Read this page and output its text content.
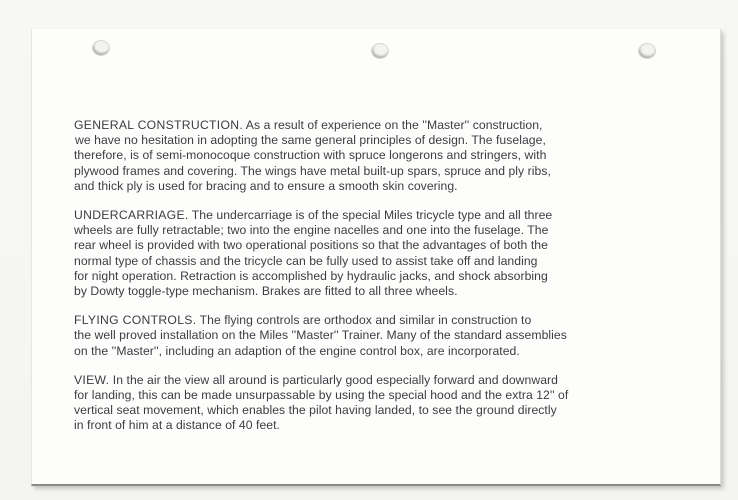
GENERAL CONSTRUCTION. As a result of experience on the ''Master'' construction,
we have no hesitation in adopting the same general principles of design. The fuselage,
therefore, is of semi-monocoque construction with spruce longerons and stringers, with
plywood frames and covering. The wings have metal built-up spars, spruce and ply ribs,
and thick ply is used for bracing and to ensure a smooth skin covering.
UNDERCARRIAGE. The undercarriage is of the special Miles tricycle type and all three
wheels are fully retractable; two into the engine nacelles and one into the fuselage. The
rear wheel is provided with two operational positions so that the advantages of both the
normal type of chassis and the tricycle can be fully used to assist take off and landing
for night operation. Retraction is accomplished by hydraulic jacks, and shock absorbing
by Dowty toggle-type mechanism. Brakes are fitted to all three wheels.
FLYING CONTROLS. The flying controls are orthodox and similar in construction to
the well proved installation on the Miles ''Master'' Trainer. Many of the standard assemblies
on the ''Master'', including an adaption of the engine control box, are incorporated.
VIEW. In the air the view all around is particularly good especially forward and downward
for landing, this can be made unsurpassable by using the special hood and the extra 12'' of
vertical seat movement, which enables the pilot having landed, to see the ground directly
in front of him at a distance of 40 feet.
